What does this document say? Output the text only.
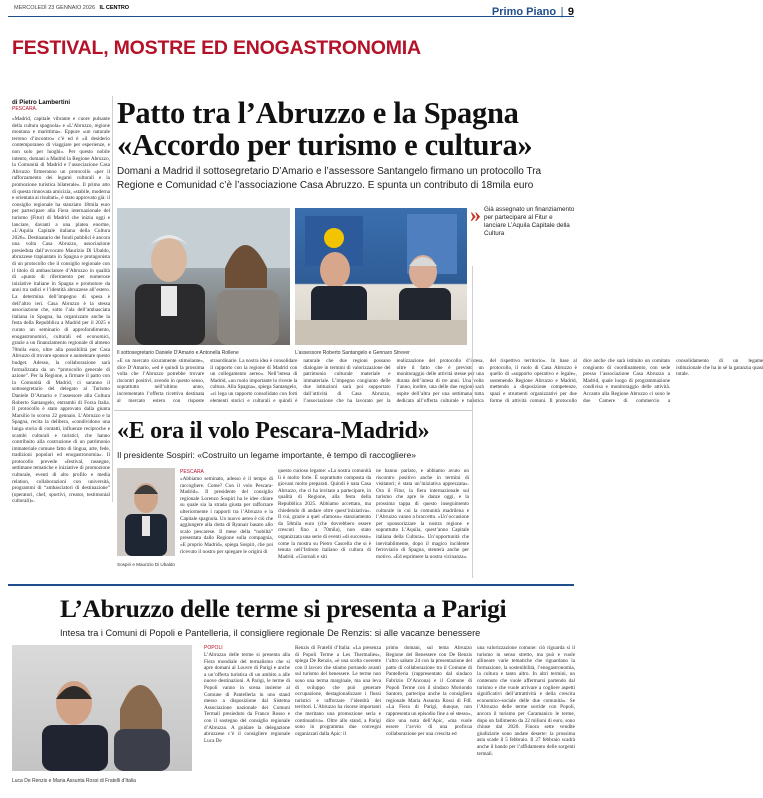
MERCOLEDÌ 23 GENNAIO 2026 IL CENTRO	Primo Piano | 9
FESTIVAL, MOSTRE ED ENOGASTRONOMIA
di Pietro Lambertini
PESCARA.	Patto tra l’Abruzzo e la Spagna
«Accordo per turismo e cultura»
Domani a Madrid il sottosegretario D’Amario e l’assessore Santangelo firmano un protocollo Tra Regione e Comunidad c’è l’associazione Casa Abruzzo. E spunta un contributo di 18mila euro
«Madrid, capitale vibrante e cuore pulsante della cultura spagnola» e «L’Abruzzo, regione montana e marittima». Eppure «un naturale terreno d’incontro» c’è ed è «il desiderio contemporaneo di viaggiare per esperienze, e non solo per luoghi». Per questo nobile intento, domani a Madrid la Regione Abruzzo, la Comunità di Madrid e l’associazione Casa Abruzzo firmeranno un protocollo «per il rafforzamento dei legami culturali e la promozione turistica bilaterale». Il primo atto di questa rinnovata amicizia, «stabile, moderna e orientata ai risultati», è stato approvato già: il consiglio regionale ha stanziato 18mila euro per partecipare alla Fiera internazionale del turismo (Fitur) di Madrid che inizia oggi e lanciare, davanti a una platea enorme, «L’Aquila Capitale italiana della Cultura 2026». Destinatario dei fondi pubblici è ancora una volta Casa Abruzzo, associazione presieduta dall’avvocato Maurizio Di Ubaldo, abruzzese trapiantato in Spagna e protagonista di un protocollo che il consiglio regionale con il titolo di ambasciatore d’Abruzzo in qualità di «punto di riferimento per numerose iniziative italiane in Spagna e promotore da anni tra radici e l’identità abruzzese all’estero. La determina dell’impegno di spesa è dell’altro ieri. Casa Abruzzo è la stessa associazione che, sotto l’ala dell’ambasciata italiana in Spagna, ha organizzato anche la festa della Repubblica a Madrid per il 2025 e curato un seminario di approfondimento, enogastronomici, culturali ed economici, grazie a un finanziamento regionale di almeno 70mila euro, oltre alla possibilità per Casa Abruzzo di trovare sponsor e aumentare questo budget. Adesso, la collaborazione sarà formalizzata da un “protocollo generale di azione”. Per la Regione, a firmare il patto con la Comunità di Madrid, ci saranno il sottosegretario del delegato al Turismo Daniele D’Amario e l’assessore alla Cultura Roberto Santangelo, entrambi di Forza Italia. Il protocollo è stato approvato dalla giunta Marsilio lo scorso 22 gennaio. L’Abruzzo e la Spagna, recita la delibera, «condividono una lunga storia di contatti, influenze reciproche e scambi culturali e turistici, che hanno contribuito alla costruzione di un patrimonio immateriale comune fatto di lingua, arte, fede, tradizioni popolari ed enogastronomia». Il protocollo prevede «festival, rassegne, settimane tematiche e iniziative di promozione culturale, eventi di alto profilo e media relation, collaborazioni con università, programmi di “ambasciatori di destinazione” (operatori, chef, sportivi, creator, testimonial culturali)».
Il sottosegretario Daniele D’Amario e Antonella Rollene	L’assessore Roberto Santangelo e Gennaro Strever
» Già assegnato un finanziamento per partecipare al Fitur e lanciare L’Aquila Capitale della Cultura
«E un mercato sicuramente stimolante», dice D’Amario, «ed è quindi la prossima volta che l’Abruzzo potrebbe trovare riscontri positivi, avendo in questo senso, soprattutto nell’ultimo anno, incrementato l’offerta ricettiva destinata al mercato estero con risposte straordinarie. La nostra idea è consolidare il rapporto con la regione di Madrid con un collegamento aereo». Nell’intesa di Madrid, «un ruolo importante lo riveste la cultura. Alla Spagna», spiega Santangelo, «ci lega un rapporto consolidato con forti elementi storici e culturali e quindi è naturale che due regioni possano dialogare in termini di valorizzazione del patrimonio culturale materiale e immateriale. L’impegno congiunto delle due istituzioni sarà poi supportato dall’attività di Casa Abruzzo, l’associazione che ha lavorato per la realizzazione del protocollo d’intesa, oltre il fatto che è previsto un monitoraggio delle attività stesse per una durata dell’intesa di tre anni. Una volta l’anno, inoltre, una delle due regioni sarà ospite dell’altra per una settimana tutta dedicata all’offerta culturale e turistica del rispettivo territorio». In base al protocollo, il ruolo di Casa Abruzzo è quello di «supporto operativo e legale», sostenendo Regione Abruzzo e Madrid, mettendo a disposizione competenze, spazi e strumenti organizzativi per due forme di attività comuni. Il protocollo dice anche che sarà istituito un comitato congiunto di coordinamento, con sede presso l’associazione Casa Abruzzo a Madrid, quale luogo di programmazione condivisa e monitoraggio delle attività. Accanto alla Regione Abruzzo ci sono le due Camere di commercio a consolidamento di un legame istituzionale che ha in sé la garanzia quasi totale.
«E ora il volo Pescara-Madrid»
Il presidente Sospiri: «Costruito un legame importante, è tempo di raccogliere»
Sospiri e Maurizio Di Ubaldo
PESCARA
«Abbiamo seminato, adesso è il tempo di raccogliere. Come? Con il volo Pescara-Madrid». Il presidente del consiglio regionale Lorenzo Sospiri ha le idee chiare su quale sia la strada giusta per rafforzare ulteriormente i rapporti tra l’Abruzzo e la Capitale spagnola. Un nuovo aereo è ciò che aggiungere alla dotta di Ryanair basato allo scalo pescarese. Il mese della “nobiltà” presentata dallo Regione sulla compagnia, «E proprio Madrid», spiega Sospiri, che poi ricevuto il nostro per spiegare le origini di
questo curioso legame: «La nostra comunità lì è molto forte. È soprattutto composta da giovani molto preparati. Quindi è nata Casa Abruzzo, che ci ha invitato a partecipare, in qualità di Regione, alla festa della Repubblica 2025. Abbiamo accettato, ma chiedendo di andare oltre quest’iniziativa». Il cui, grazie a quel «famoso» stanziamento da 58mila euro (che dovrebbero essere crescuti fino a 70mila), non stato organizzata una serie di eventi «di successo» come la mostra su Pietro Cascella che si è tenuta nell’Istituto italiano di cultura di Madrid. «Giornali e siti
ne hanno parlato, e abbiamo avuto un riscontro positivo anche in termini di visitatori; è stata un’iniziativa apprezzata». Ora il Fitur, la fiera internazionale sul turismo che apre le danze oggi, e la prossima tappa di questo inseguimento culturale in cui la comunità madrilena e l’Abruzzo vanno a braccetto. «Un’occasione per sponsorizzare la nostra regione e soprattutto L’Aquila, quest’anno Capitale italiana della Cultura». Un’opportunità che inevitabilmente, dopo il magico incidente ferroviario di Spagna, stenterà anche per motivo. «Ed esprimere la nostra vicinanza».
L’Abruzzo delle terme si presenta a Parigi
Intesa tra i Comuni di Popoli e Pantelleria, il consigliere regionale De Renzis: si alle vacanze benessere
Luca De Renzis e Maria Assunta Rossi di Fratelli d’Italia
POPOLI
L’Abruzzo delle terme si presenta alla Fiera mondiale del termalismo che si apre domani al Louvre di Parigi e anche a un’offerta turistica di un ambito a alle nuove destinazioni. A Parigi, le terme di Popoli vanno in scena insieme al Comune di Pantelleria in uno stand messo a disposizione dal Sistema Associazione nazionale dei Comuni Termali presieduto da Franco Rosso e con il sostegno del consiglio regionale d’Abruzzo. A guidare la delegazione abruzzese c’è il consigliere regionale Luca De
Renzis di Fratelli d’Italia: «La presenza di Popoli Terme a Les Thermalies», spiega De Renzis, «è una scelta coerente con il lavoro che stiamo portando avanti sul turismo del benessere. Le terme non sono una terma marginale, ma una leva di sviluppo che può generare occupazione, destagionalizzare i flussi turistici e rafforzare l’identità dei territori. L’Abruzzo ha risorse importanti che meritano una promozione seria e continuativa». Oltre allo stand, a Parigi sono in programma due convegni organizzati dalla Apic: il
primo domani, sul tema Abruzzo Regione del Benessere con De Renzis l’altro sabato 24 con la presentazione del patto di collaborazione tra il Comune di Pantelleria (rappresentato dal sindaco Fabrizio D’Ancona) e il Comune di Popoli Terme con il sindaco Moriondo Santoro, partecipa anche la consigliera regionale Maria Assunta Rossi di FdI. «La Fiera di Parigi, dunque, non rappresenta un episodio fine a sé stesso», dice una nota dell’Apic, «ma vuole essere l’avvio di una proficua collaborazione per una crescita ed
una valorizzazione comune: ciò riguarda sì il turismo in senso stretto, ma può e vuole allineare varie tematiche che riguardano la formazione, la sostenibilità, l’enogastronomia, la cultura e tanto altro. In altri termini, un contenuto che vuole affermarsi partendo dal turismo e che vuole arrivare a cogliere aspetti significativi dell’attrattività e della crescita economico-sociale delle due comunità». Se l’Abruzzo delle terme sorride con Popoli, ancora il turismo per Caramanico le terme, dopo un fallimento da 22 milioni di euro, sono chiuse dal 2020. Finora sette vendite giudiziarie sono andate deserte: la prossima asta scade il 5 febbraio. Il 27 febbraio scadrà anche il bando per l’affidamento delle sorgenti termali.
